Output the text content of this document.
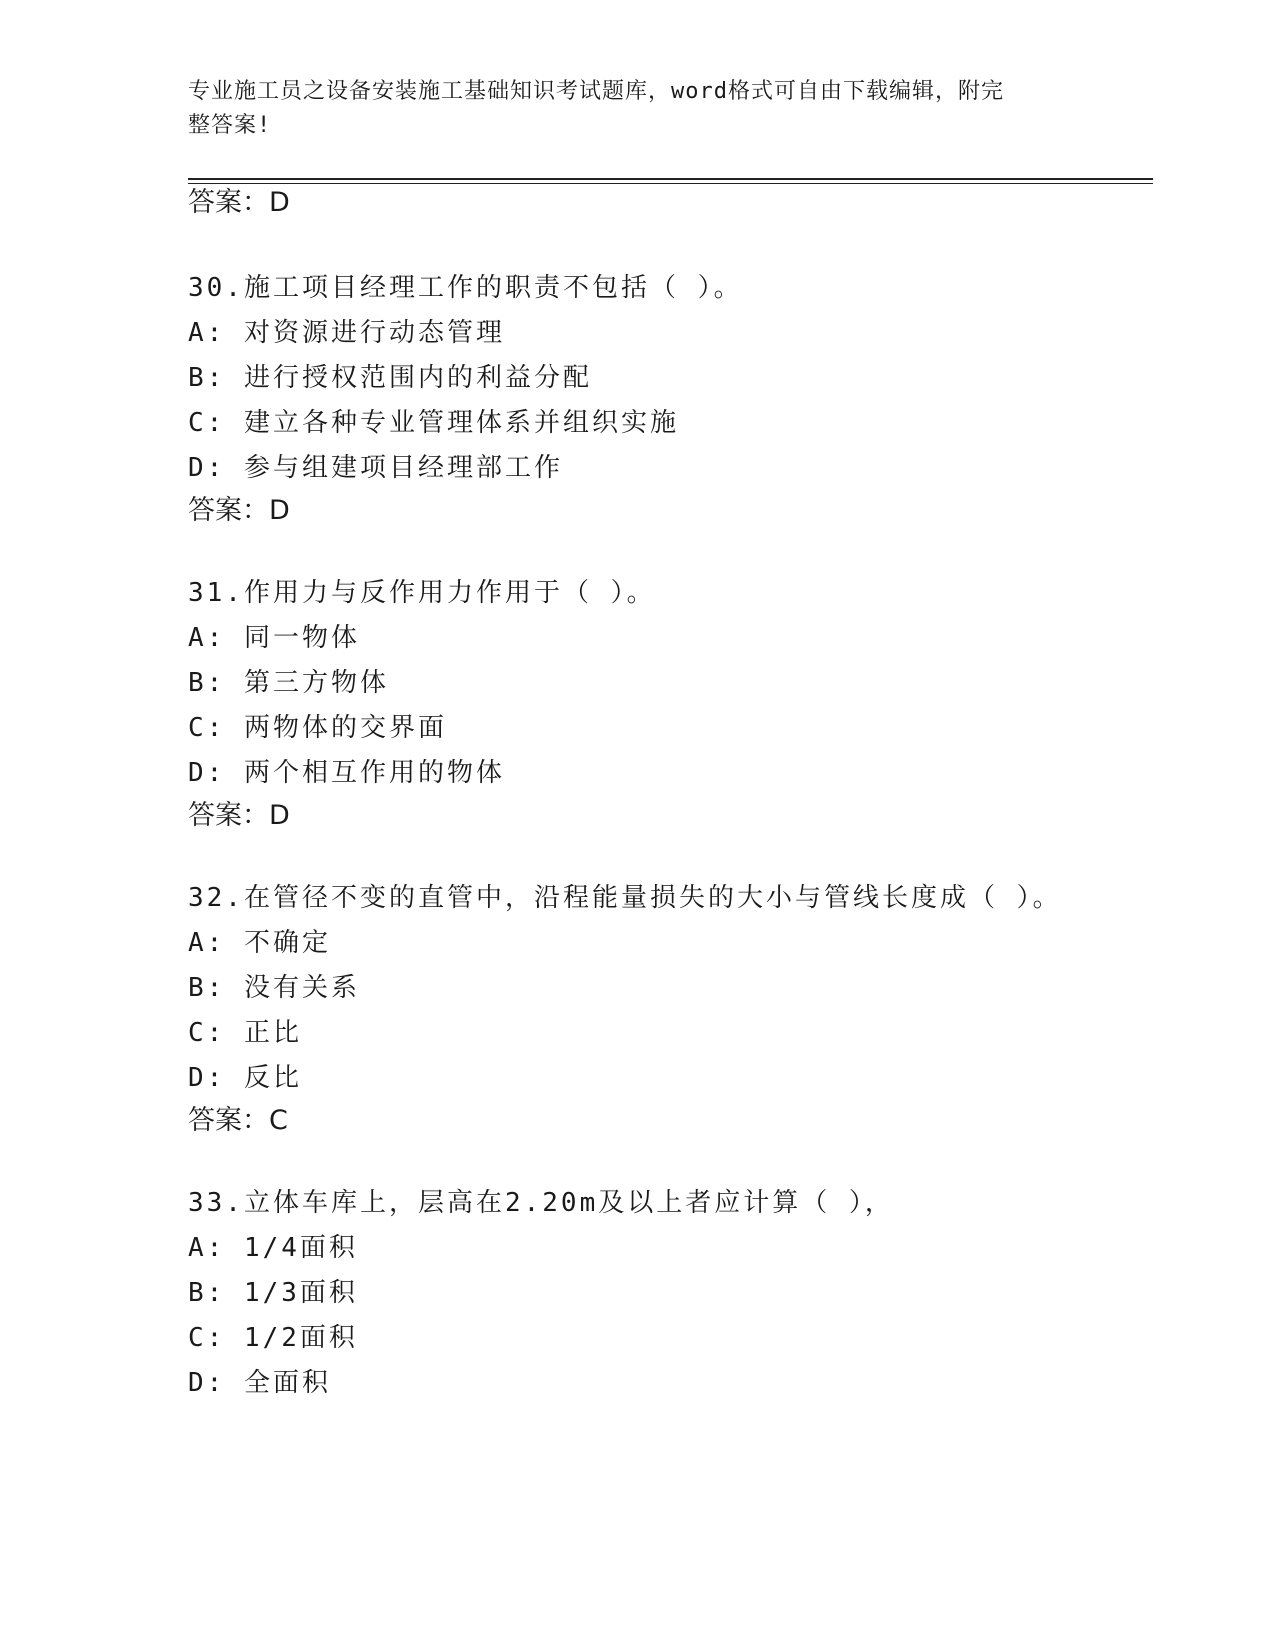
专业施工员之设备安装施工基础知识考试题库，word格式可自由下载编辑，附完
整答案!
答案：D
30.施工项目经理工作的职责不包括（ ）。
A: 对资源进行动态管理
B: 进行授权范围内的利益分配
C: 建立各种专业管理体系并组织实施
D: 参与组建项目经理部工作
答案：D
31.作用力与反作用力作用于（ ）。
A: 同一物体
B: 第三方物体
C: 两物体的交界面
D: 两个相互作用的物体
答案：D
32.在管径不变的直管中，沿程能量损失的大小与管线长度成（ ）。
A: 不确定
B: 没有关系
C: 正比
D: 反比
答案：C
33.立体车库上，层高在2.20m及以上者应计算（ ），
A: 1/4面积
B: 1/3面积
C: 1/2面积
D: 全面积
